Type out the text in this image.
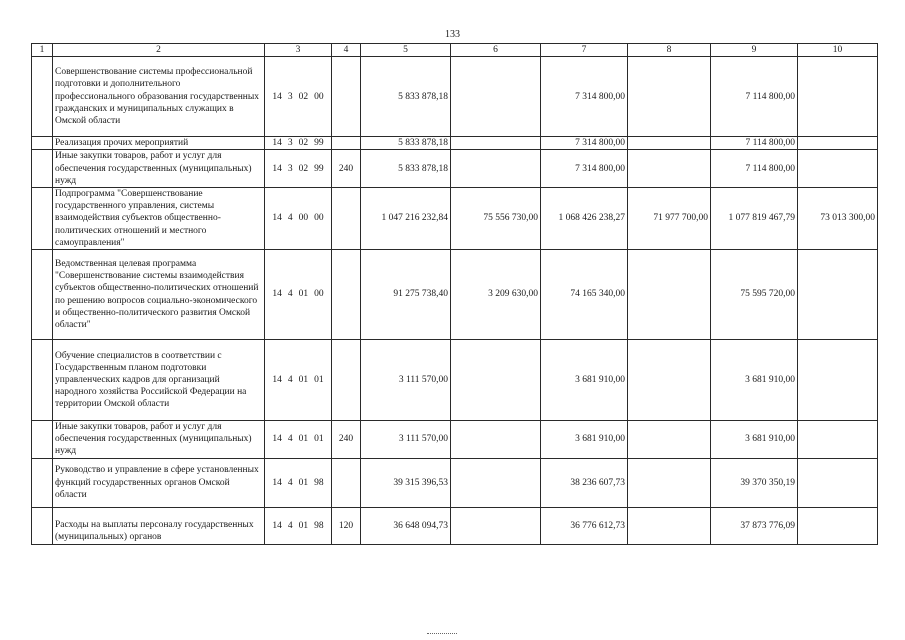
133
1	2	3	4	5	6	7	8	9	10
	Совершенствование системы профессиональной подготовки и дополнительного профессионального образования государственных гражданских и муниципальных служащих в Омской области	14 3 02 00		5 833 878,18		7 314 800,00		7 114 800,00	
	Реализация прочих мероприятий	14 3 02 99		5 833 878,18		7 314 800,00		7 114 800,00	
	Иные закупки товаров, работ и услуг для обеспечения государственных (муниципальных) нужд	14 3 02 99	240	5 833 878,18		7 314 800,00		7 114 800,00	
	Подпрограмма "Совершенствование государственного управления, системы взаимодействия субъектов общественно-политических отношений и местного самоуправления"	14 4 00 00		1 047 216 232,84	75 556 730,00	1 068 426 238,27	71 977 700,00	1 077 819 467,79	73 013 300,00
	Ведомственная целевая программа "Совершенствование системы взаимодействия субъектов общественно-политических отношений по решению вопросов социально-экономического и общественно-политического развития Омской области"	14 4 01 00		91 275 738,40	3 209 630,00	74 165 340,00		75 595 720,00	
	Обучение специалистов в соответствии с Государственным планом подготовки управленческих кадров для организаций народного хозяйства Российской Федерации на территории Омской области	14 4 01 01		3 111 570,00		3 681 910,00		3 681 910,00	
	Иные закупки товаров, работ и услуг для обеспечения государственных (муниципальных) нужд	14 4 01 01	240	3 111 570,00		3 681 910,00		3 681 910,00	
	Руководство и управление в сфере установленных функций государственных органов Омской области	14 4 01 98		39 315 396,53		38 236 607,73		39 370 350,19	
	Расходы на выплаты персоналу государственных (муниципальных) органов	14 4 01 98	120	36 648 094,73		36 776 612,73		37 873 776,09	
